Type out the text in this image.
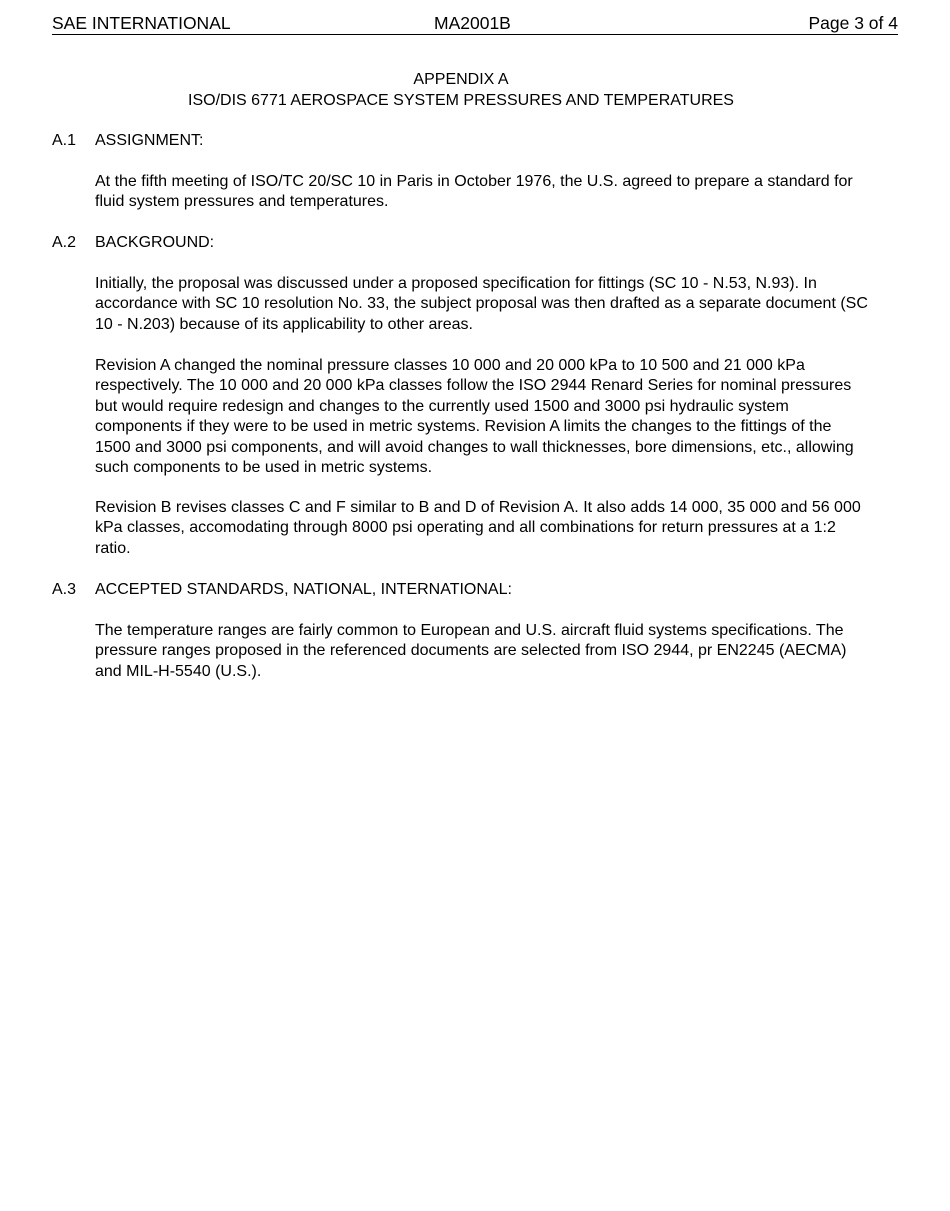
SAE INTERNATIONAL	MA2001B	Page 3 of 4
APPENDIX A
ISO/DIS 6771 AEROSPACE SYSTEM PRESSURES AND TEMPERATURES
A.1 ASSIGNMENT:

At the fifth meeting of ISO/TC 20/SC 10 in Paris in October 1976, the U.S. agreed to prepare a standard for fluid system pressures and temperatures.

A.2 BACKGROUND:

Initially, the proposal was discussed under a proposed specification for fittings (SC 10 - N.53, N.93). In accordance with SC 10 resolution No. 33, the subject proposal was then drafted as a separate document (SC 10 - N.203) because of its applicability to other areas.

Revision A changed the nominal pressure classes 10 000 and 20 000 kPa to 10 500 and 21 000 kPa respectively. The 10 000 and 20 000 kPa classes follow the ISO 2944 Renard Series for nominal pressures but would require redesign and changes to the currently used 1500 and 3000 psi hydraulic system components if they were to be used in metric systems. Revision A limits the changes to the fittings of the 1500 and 3000 psi components, and will avoid changes to wall thicknesses, bore dimensions, etc., allowing such components to be used in metric systems.

Revision B revises classes C and F similar to B and D of Revision A. It also adds 14 000, 35 000 and 56 000 kPa classes, accomodating through 8000 psi operating and all combinations for return pressures at a 1:2 ratio.

A.3 ACCEPTED STANDARDS, NATIONAL, INTERNATIONAL:

The temperature ranges are fairly common to European and U.S. aircraft fluid systems specifications. The pressure ranges proposed in the referenced documents are selected from ISO 2944, pr EN2245 (AECMA) and MIL-H-5540 (U.S.).
